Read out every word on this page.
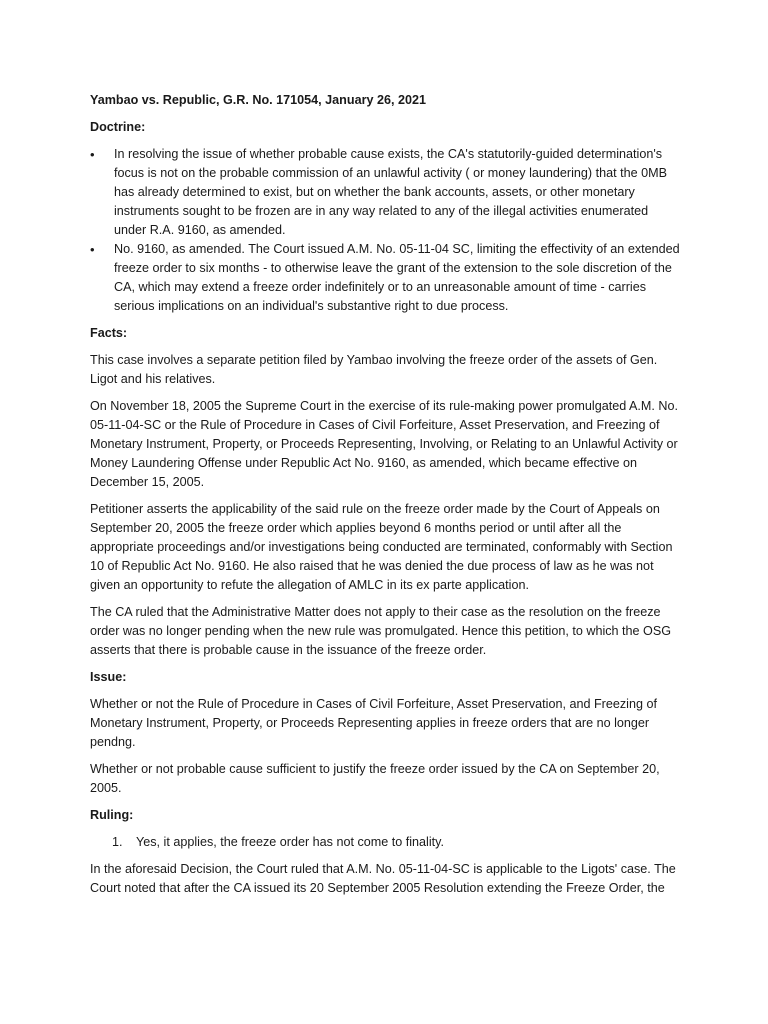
Yambao vs. Republic, G.R. No. 171054, January 26, 2021

Doctrine:

• In resolving the issue of whether probable cause exists, the CA's statutorily-guided determination's focus is not on the probable commission of an unlawful activity ( or money laundering) that the 0MB has already determined to exist, but on whether the bank accounts, assets, or other monetary instruments sought to be frozen are in any way related to any of the illegal activities enumerated under R.A. 9160, as amended.
• No. 9160, as amended. The Court issued A.M. No. 05-11-04 SC, limiting the effectivity of an extended freeze order to six months - to otherwise leave the grant of the extension to the sole discretion of the CA, which may extend a freeze order indefinitely or to an unreasonable amount of time - carries serious implications on an individual's substantive right to due process.

Facts:

This case involves a separate petition filed by Yambao involving the freeze order of the assets of Gen. Ligot and his relatives.

On November 18, 2005 the Supreme Court in the exercise of its rule-making power promulgated A.M. No. 05-11-04-SC or the Rule of Procedure in Cases of Civil Forfeiture, Asset Preservation, and Freezing of Monetary Instrument, Property, or Proceeds Representing, Involving, or Relating to an Unlawful Activity or Money Laundering Offense under Republic Act No. 9160, as amended, which became effective on December 15, 2005.

Petitioner asserts the applicability of the said rule on the freeze order made by the Court of Appeals on September 20, 2005 the freeze order which applies beyond 6 months period or until after all the appropriate proceedings and/or investigations being conducted are terminated, conformably with Section 10 of Republic Act No. 9160. He also raised that he was denied the due process of law as he was not given an opportunity to refute the allegation of AMLC in its ex parte application.

The CA ruled that the Administrative Matter does not apply to their case as the resolution on the freeze order was no longer pending when the new rule was promulgated. Hence this petition, to which the OSG asserts that there is probable cause in the issuance of the freeze order.

Issue:

Whether or not the Rule of Procedure in Cases of Civil Forfeiture, Asset Preservation, and Freezing of Monetary Instrument, Property, or Proceeds Representing applies in freeze orders that are no longer pendng.

Whether or not probable cause sufficient to justify the freeze order issued by the CA on September 20, 2005.

Ruling:

1. Yes, it applies, the freeze order has not come to finality.

In the aforesaid Decision, the Court ruled that A.M. No. 05-11-04-SC is applicable to the Ligots' case. The Court noted that after the CA issued its 20 September 2005 Resolution extending the Freeze Order, the
